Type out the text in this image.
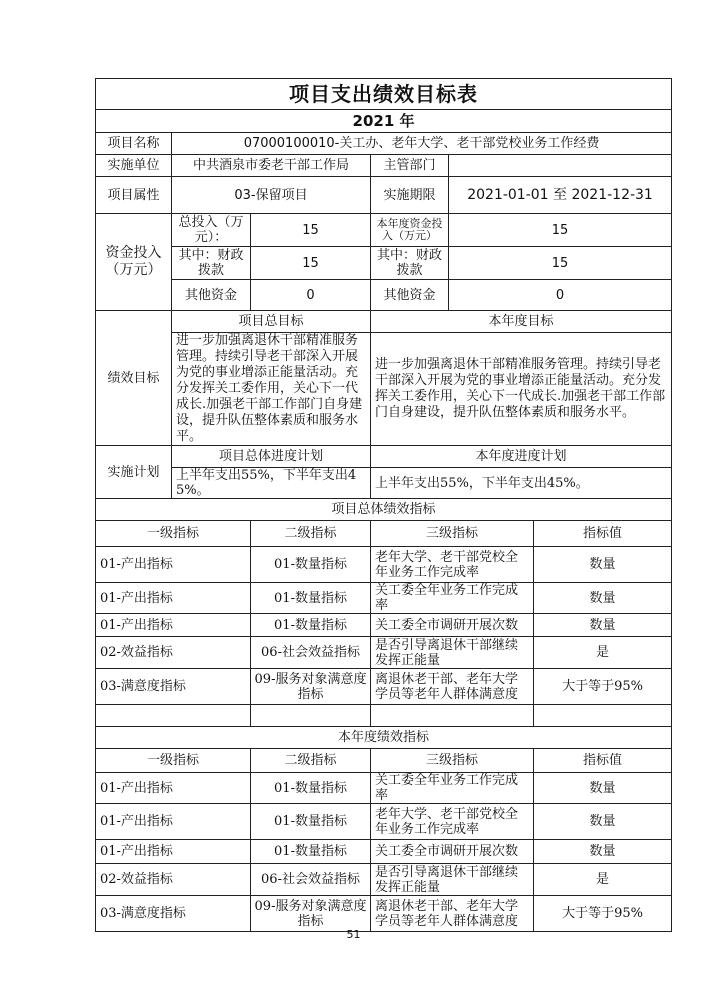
项目支出绩效目标表					
2021 年					
项目名称	07000100010-关工办、老年大学、老干部党校业务工作经费				
实施单位	中共酒泉市委老干部工作局		主管部门		
项目属性	03-保留项目		实施期限	2021-01-01 至 2021-12-31	
资金投入（万元）	总投入（万元）：	15	本年度资金投入（万元）	15	
	其中：财政拨款	15	其中：财政拨款	15	
	其他资金	0	其他资金	0	
绩效目标	项目总目标		本年度目标		
	进一步加强离退休干部精准服务管理。持续引导老干部深入开展为党的事业增添正能量活动。充分发挥关工委作用，关心下一代成长.加强老干部工作部门自身建设，提升队伍整体素质和服务水平。		进一步加强离退休干部精准服务管理。持续引导老干部深入开展为党的事业增添正能量活动。充分发挥关工委作用，关心下一代成长.加强老干部工作部门自身建设，提升队伍整体素质和服务水平。		
实施计划	项目总体进度计划		本年度进度计划		
	上半年支出55%，下半年支出45%。		上半年支出55%，下半年支出45%。		
项目总体绩效指标					
一级指标		二级指标	三级指标		指标值
01-产出指标		01-数量指标	老年大学、老干部党校全年业务工作完成率		数量
01-产出指标		01-数量指标	关工委全年业务工作完成率		数量
01-产出指标		01-数量指标	关工委全市调研开展次数		数量
02-效益指标		06-社会效益指标	是否引导离退休干部继续发挥正能量		是
03-满意度指标		09-服务对象满意度指标	离退休老干部、老年大学学员等老年人群体满意度		大于等于95%

本年度绩效指标					
一级指标		二级指标	三级指标		指标值
01-产出指标		01-数量指标	关工委全年业务工作完成率		数量
01-产出指标		01-数量指标	老年大学、老干部党校全年业务工作完成率		数量
01-产出指标		01-数量指标	关工委全市调研开展次数		数量
02-效益指标		06-社会效益指标	是否引导离退休干部继续发挥正能量		是
03-满意度指标		09-服务对象满意度指标	离退休老干部、老年大学学员等老年人群体满意度		大于等于95%
51
